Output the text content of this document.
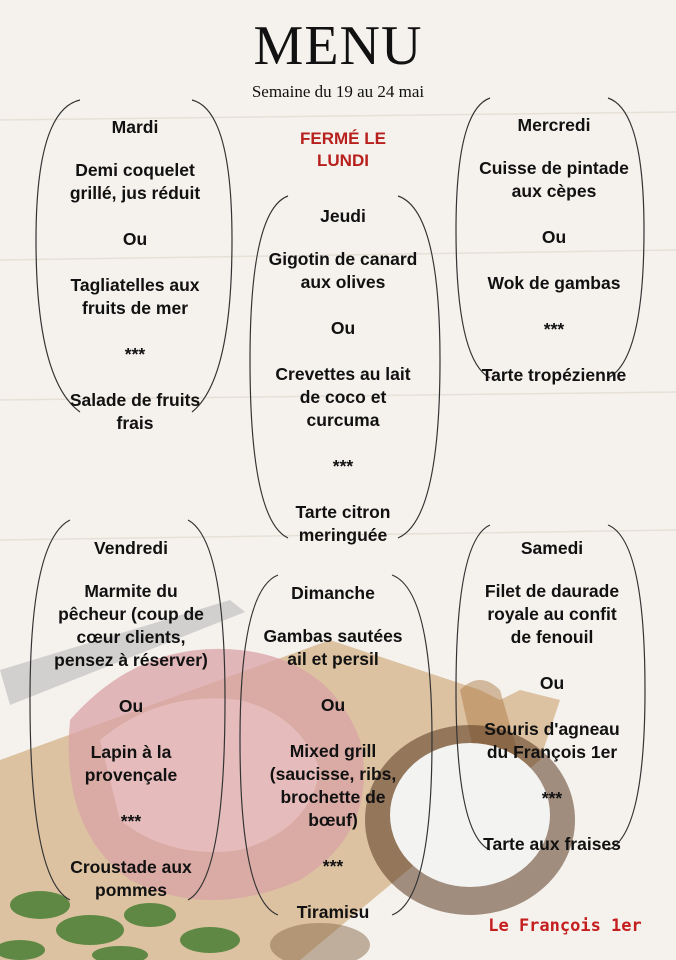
MENU
Semaine du 19 au 24 mai
FERMÉ LE
LUNDI
Mardi
Demi coquelet
grillé, jus réduit
Ou
Tagliatelles aux
fruits de mer
***
Salade de fruits
frais
Mercredi
Cuisse de pintade
aux cèpes
Ou
Wok de gambas
***
Tarte tropézienne
Jeudi
Gigotin de canard
aux olives
Ou
Crevettes au lait
de coco et
curcuma
***
Tarte citron
meringuée
Vendredi
Marmite du
pêcheur (coup de
cœur clients,
pensez à réserver)
Ou
Lapin à la
provençale
***
Croustade aux
pommes
Dimanche
Gambas sautées
ail et persil
Ou
Mixed grill
(saucisse, ribs,
brochette de
bœuf)
***
Tiramisu
Samedi
Filet de daurade
royale au confit
de fenouil
Ou
Souris d'agneau
du François 1er
***
Tarte aux fraises
Le François 1er
